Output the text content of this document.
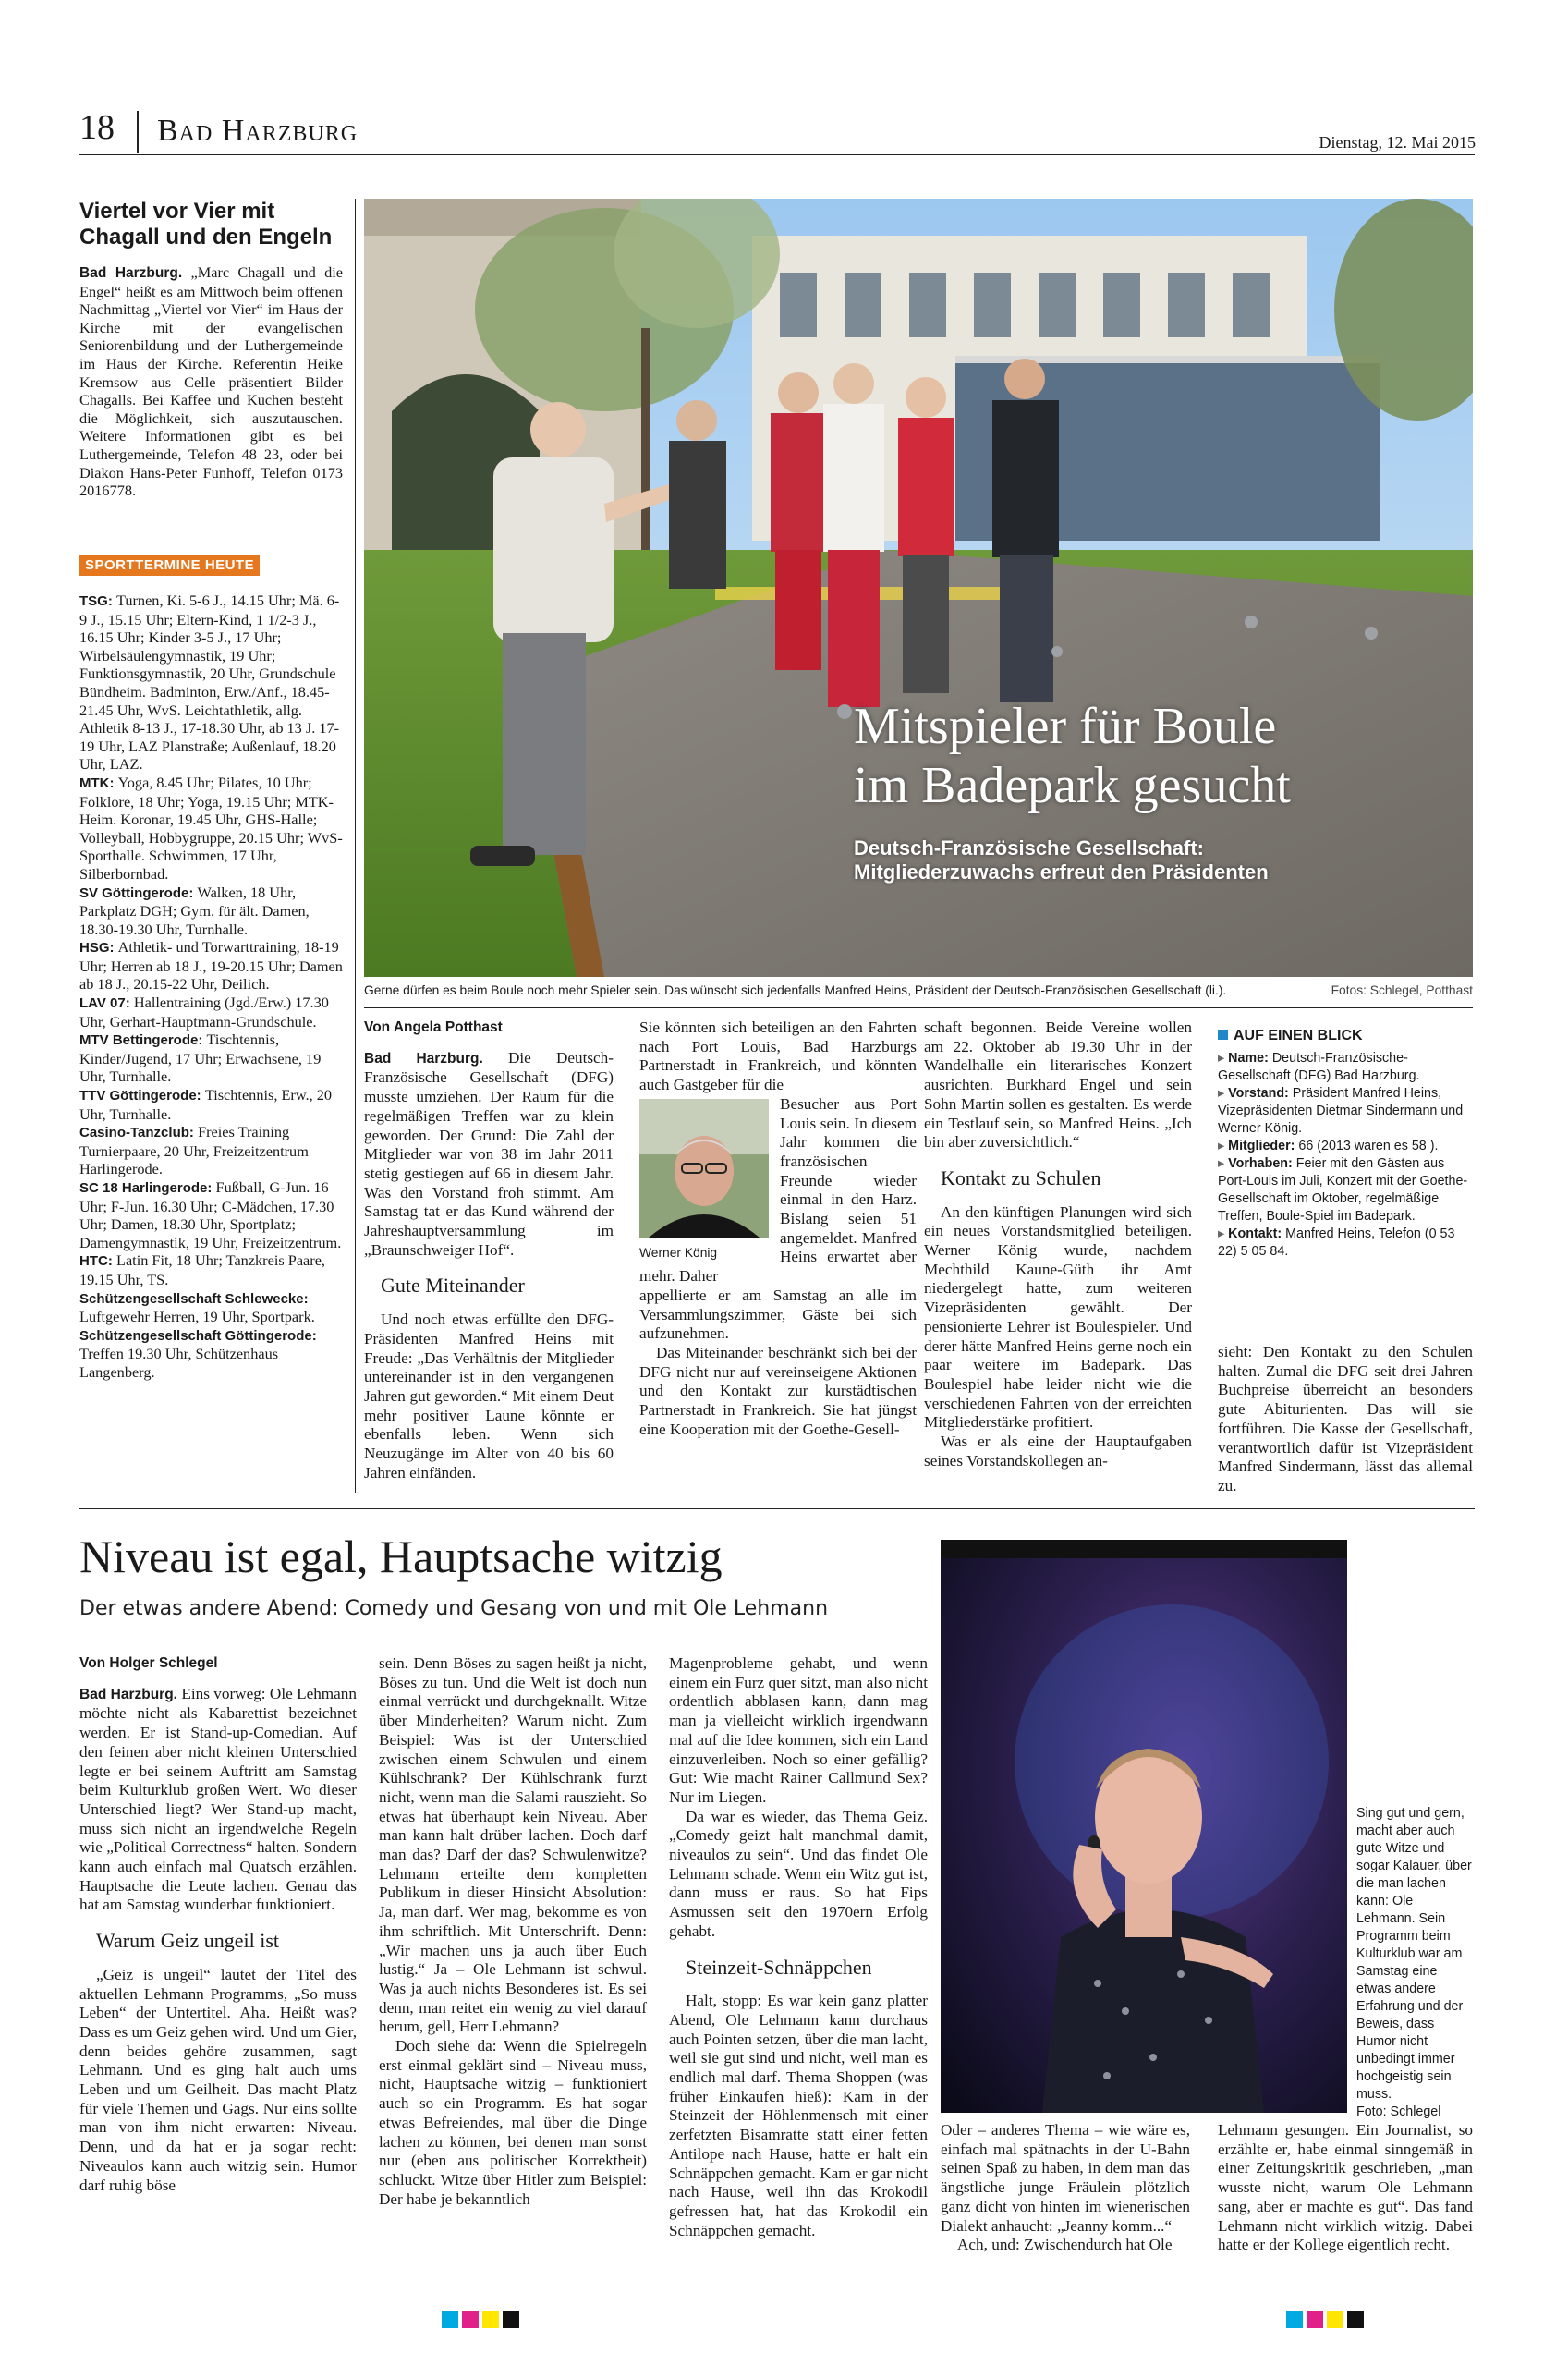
18 Bad Harzburg	Dienstag, 12. Mai 2015
Viertel vor Vier mit Chagall und den Engeln

Bad Harzburg. „Marc Chagall und die Engel“ heißt es am Mittwoch beim offenen Nachmittag „Viertel vor Vier“ im Haus der Kirche mit der evangelischen Seniorenbildung und der Luthergemeinde im Haus der Kirche. Referentin Heike Kremsow aus Celle präsentiert Bilder Chagalls. Bei Kaffee und Kuchen besteht die Möglichkeit, sich auszutauschen. Weitere Informationen gibt es bei Luthergemeinde, Telefon 48 23, oder bei Diakon Hans-Peter Funhoff, Telefon 0173 2016778.

SPORTTERMINE HEUTE

TSG: Turnen, Ki. 5-6 J., 14.15 Uhr; Mä. 6-9 J., 15.15 Uhr; Eltern-Kind, 1 1/2-3 J., 16.15 Uhr; Kinder 3-5 J., 17 Uhr; Wirbelsäulengymnastik, 19 Uhr; Funktionsgymnastik, 20 Uhr, Grundschule Bündheim. Badminton, Erw./Anf., 18.45-21.45 Uhr, WvS. Leichtathletik, allg. Athletik 8-13 J., 17-18.30 Uhr, ab 13 J. 17-19 Uhr, LAZ Planstraße; Außenlauf, 18.20 Uhr, LAZ.
MTK: Yoga, 8.45 Uhr; Pilates, 10 Uhr; Folklore, 18 Uhr; Yoga, 19.15 Uhr; MTK-Heim. Koronar, 19.45 Uhr, GHS-Halle; Volleyball, Hobbygruppe, 20.15 Uhr; WvS-Sporthalle. Schwimmen, 17 Uhr, Silberbornbad.
SV Göttingerode: Walken, 18 Uhr, Parkplatz DGH; Gym. für ält. Damen, 18.30-19.30 Uhr, Turnhalle.
HSG: Athletik- und Torwarttraining, 18-19 Uhr; Herren ab 18 J., 19-20.15 Uhr; Damen ab 18 J., 20.15-22 Uhr, Deilich.
LAV 07: Hallentraining (Jgd./Erw.) 17.30 Uhr, Gerhart-Hauptmann-Grundschule.
MTV Bettingerode: Tischtennis, Kinder/Jugend, 17 Uhr; Erwachsene, 19 Uhr, Turnhalle.
TTV Göttingerode: Tischtennis, Erw., 20 Uhr, Turnhalle.
Casino-Tanzclub: Freies Training Turnierpaare, 20 Uhr, Freizeitzentrum Harlingerode.
SC 18 Harlingerode: Fußball, G-Jun. 16 Uhr; F-Jun. 16.30 Uhr; C-Mädchen, 17.30 Uhr; Damen, 18.30 Uhr, Sportplatz; Damengymnastik, 19 Uhr, Freizeitzentrum.
HTC: Latin Fit, 18 Uhr; Tanzkreis Paare, 19.15 Uhr, TS.
Schützengesellschaft Schlewecke: Luftgewehr Herren, 19 Uhr, Sportpark.
Schützengesellschaft Göttingerode: Treffen 19.30 Uhr, Schützenhaus Langenberg.

Mitspieler für Boule
im Badepark gesucht
Deutsch-Französische Gesellschaft:
Mitgliederzuwachs erfreut den Präsidenten
Gerne dürfen es beim Boule noch mehr Spieler sein. Das wünscht sich jedenfalls Manfred Heins, Präsident der Deutsch-Französischen Gesellschaft (li.).	Fotos: Schlegel, Potthast
Von Angela Potthast

Bad Harzburg. Die Deutsch-Französische Gesellschaft (DFG) musste umziehen. Der Raum für die regelmäßigen Treffen war zu klein geworden. Der Grund: Die Zahl der Mitglieder war von 38 im Jahr 2011 stetig gestiegen auf 66 in diesem Jahr. Was den Vorstand froh stimmt. Am Samstag tat er das Kund während der Jahreshauptversammlung im „Braunschweiger Hof“.

Gute Miteinander

Und noch etwas erfüllte den DFG-Präsidenten Manfred Heins mit Freude: „Das Verhältnis der Mitglieder untereinander ist in den vergangenen Jahren gut geworden.“ Mit einem Deut mehr positiver Laune könnte er ebenfalls leben. Wenn sich Neuzugänge im Alter von 40 bis 60 Jahren einfänden.

Sie könnten sich beteiligen an den Fahrten nach Port Louis, Bad Harzburgs Partnerstadt in Frankreich, und könnten auch Gastgeber für die

Werner König

Besucher aus Port Louis sein. In diesem Jahr kommen die französischen Freunde wieder einmal in den Harz. Bislang seien 51 angemeldet. Manfred Heins erwartet aber mehr. Daher

appellierte er am Samstag an alle im Versammlungszimmer, Gäste bei sich aufzunehmen.

Das Miteinander beschränkt sich bei der DFG nicht nur auf vereinseigene Aktionen und den Kontakt zur kurstädtischen Partnerstadt in Frankreich. Sie hat jüngst eine Kooperation mit der Goethe-Gesell-

schaft begonnen. Beide Vereine wollen am 22. Oktober ab 19.30 Uhr in der Wandelhalle ein literarisches Konzert ausrichten. Burkhard Engel und sein Sohn Martin sollen es gestalten. Es werde ein Testlauf sein, so Manfred Heins. „Ich bin aber zuversichtlich.“

Kontakt zu Schulen

An den künftigen Planungen wird sich ein neues Vorstandsmitglied beteiligen. Werner König wurde, nachdem Mechthild Kaune-Güth ihr Amt niedergelegt hatte, zum weiteren Vizepräsidenten gewählt. Der pensionierte Lehrer ist Boulespieler. Und derer hätte Manfred Heins gerne noch ein paar weitere im Badepark. Das Boulespiel habe leider nicht wie die verschiedenen Fahrten von der erreichten Mitgliederstärke profitiert.

Was er als eine der Hauptaufgaben seines Vorstandskollegen an-

AUF EINEN BLICK
▸ Name: Deutsch-Französische-Gesellschaft (DFG) Bad Harzburg.
▸ Vorstand: Präsident Manfred Heins, Vizepräsidenten Dietmar Sindermann und Werner König.
▸ Mitglieder: 66 (2013 waren es 58 ).
▸ Vorhaben: Feier mit den Gästen aus Port-Louis im Juli, Konzert mit der Goethe-Gesellschaft im Oktober, regelmäßige Treffen, Boule-Spiel im Badepark.
▸ Kontakt: Manfred Heins, Telefon (0 53 22) 5 05 84.

sieht: Den Kontakt zu den Schulen halten. Zumal die DFG seit drei Jahren Buchpreise überreicht an besonders gute Abiturienten. Das will sie fortführen. Die Kasse der Gesellschaft, verantwortlich dafür ist Vizepräsident Manfred Sindermann, lässt das allemal zu.

Niveau ist egal, Hauptsache witzig
Der etwas andere Abend: Comedy und Gesang von und mit Ole Lehmann
Von Holger Schlegel

Bad Harzburg. Eins vorweg: Ole Lehmann möchte nicht als Kabarettist bezeichnet werden. Er ist Stand-up-Comedian. Auf den feinen aber nicht kleinen Unterschied legte er bei seinem Auftritt am Samstag beim Kulturklub großen Wert. Wo dieser Unterschied liegt? Wer Stand-up macht, muss sich nicht an irgendwelche Regeln wie „Political Correctness“ halten. Sondern kann auch einfach mal Quatsch erzählen. Hauptsache die Leute lachen. Genau das hat am Samstag wunderbar funktioniert.

Warum Geiz ungeil ist

„Geiz is ungeil“ lautet der Titel des aktuellen Lehmann Programms, „So muss Leben“ der Untertitel. Aha. Heißt was? Dass es um Geiz gehen wird. Und um Gier, denn beides gehöre zusammen, sagt Lehmann. Und es ging halt auch ums Leben und um Geilheit. Das macht Platz für viele Themen und Gags. Nur eins sollte man von ihm nicht erwarten: Niveau. Denn, und da hat er ja sogar recht: Niveaulos kann auch witzig sein. Humor darf ruhig böse

sein. Denn Böses zu sagen heißt ja nicht, Böses zu tun. Und die Welt ist doch nun einmal verrückt und durchgeknallt. Witze über Minderheiten? Warum nicht. Zum Beispiel: Was ist der Unterschied zwischen einem Schwulen und einem Kühlschrank? Der Kühlschrank furzt nicht, wenn man die Salami rauszieht. So etwas hat überhaupt kein Niveau. Aber man kann halt drüber lachen. Doch darf man das? Darf der das? Schwulenwitze? Lehmann erteilte dem kompletten Publikum in dieser Hinsicht Absolution: Ja, man darf. Wer mag, bekomme es von ihm schriftlich. Mit Unterschrift. Denn: „Wir machen uns ja auch über Euch lustig.“ Ja – Ole Lehmann ist schwul. Was ja auch nichts Besonderes ist. Es sei denn, man reitet ein wenig zu viel darauf herum, gell, Herr Lehmann?

Doch siehe da: Wenn die Spielregeln erst einmal geklärt sind – Niveau muss, nicht, Hauptsache witzig – funktioniert auch so ein Programm. Es hat sogar etwas Befreiendes, mal über die Dinge lachen zu können, bei denen man sonst nur (eben aus politischer Korrektheit) schluckt. Witze über Hitler zum Beispiel: Der habe je bekanntlich

Magenprobleme gehabt, und wenn einem ein Furz quer sitzt, man also nicht ordentlich abblasen kann, dann mag man ja vielleicht wirklich irgendwann mal auf die Idee kommen, sich ein Land einzuverleiben. Noch so einer gefällig? Gut: Wie macht Rainer Callmund Sex? Nur im Liegen.

Da war es wieder, das Thema Geiz. „Comedy geizt halt manchmal damit, niveaulos zu sein“. Und das findet Ole Lehmann schade. Wenn ein Witz gut ist, dann muss er raus. So hat Fips Asmussen seit den 1970ern Erfolg gehabt.

Steinzeit-Schnäppchen

Halt, stopp: Es war kein ganz platter Abend, Ole Lehmann kann durchaus auch Pointen setzen, über die man lacht, weil sie gut sind und nicht, weil man es endlich mal darf. Thema Shoppen (was früher Einkaufen hieß): Kam in der Steinzeit der Höhlenmensch mit einer zerfetzten Bisamratte statt einer fetten Antilope nach Hause, hatte er halt ein Schnäppchen gemacht. Kam er gar nicht nach Hause, weil ihn das Krokodil gefressen hat, hat das Krokodil ein Schnäppchen gemacht.

Sing gut und gern, macht aber auch gute Witze und sogar Kalauer, über die man lachen kann: Ole Lehmann. Sein Programm beim Kulturklub war am Samstag eine etwas andere Erfahrung und der Beweis, dass Humor nicht unbedingt immer hochgeistig sein muss.
Foto: Schlegel

Oder – anderes Thema – wie wäre es, einfach mal spätnachts in der U-Bahn seinen Spaß zu haben, in dem man das ängstliche junge Fräulein plötzlich ganz dicht von hinten im wienerischen Dialekt anhaucht: „Jeanny komm...“

Ach, und: Zwischendurch hat Ole

Lehmann gesungen. Ein Journalist, so erzählte er, habe einmal sinngemäß in einer Zeitungskritik geschrieben, „man wusste nicht, warum Ole Lehmann sang, aber er machte es gut“. Das fand Lehmann nicht wirklich witzig. Dabei hatte er der Kollege eigentlich recht.
